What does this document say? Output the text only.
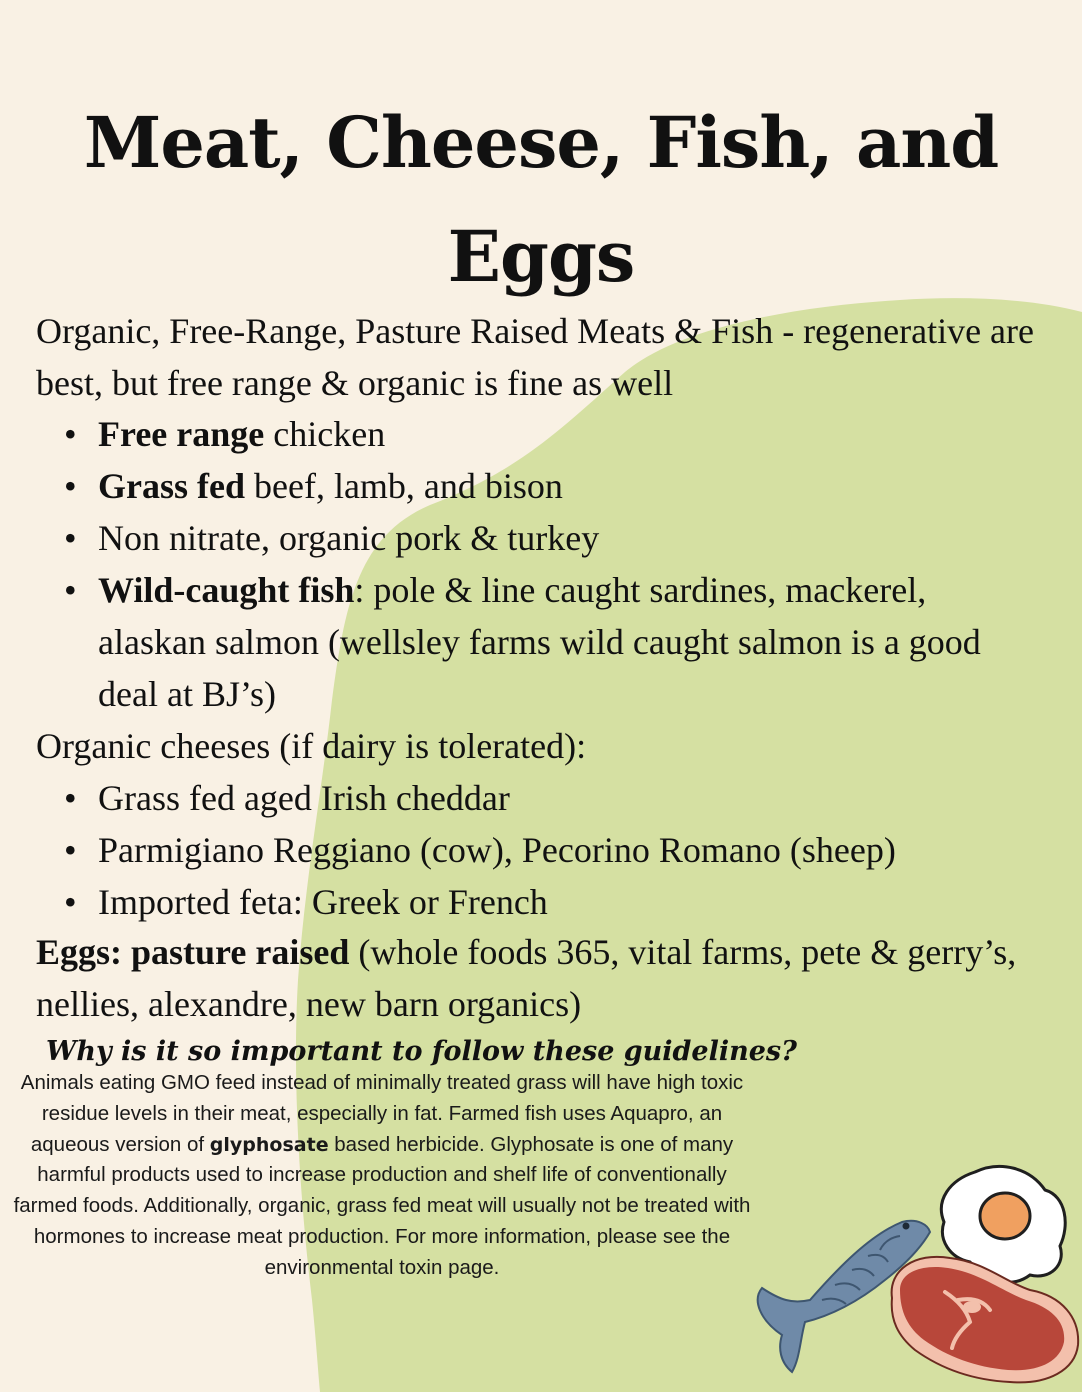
Meat, Cheese, Fish, and Eggs

Organic, Free-Range, Pasture Raised Meats & Fish - regenerative are best, but free range & organic is fine as well

• Free range chicken
• Grass fed beef, lamb, and bison
• Non nitrate, organic pork & turkey
• Wild-caught fish: pole & line caught sardines, mackerel, alaskan salmon (wellsley farms wild caught salmon is a good deal at BJ’s)

Organic cheeses (if dairy is tolerated):

• Grass fed aged Irish cheddar
• Parmigiano Reggiano (cow), Pecorino Romano (sheep)
• Imported feta: Greek or French

Eggs: pasture raised (whole foods 365, vital farms, pete & gerry’s, nellies, alexandre, new barn organics)

Why is it so important to follow these guidelines?

Animals eating GMO feed instead of minimally treated grass will have high toxic residue levels in their meat, especially in fat. Farmed fish uses Aquapro, an aqueous version of glyphosate based herbicide. Glyphosate is one of many harmful products used to increase production and shelf life of conventionally farmed foods. Additionally, organic, grass fed meat will usually not be treated with hormones to increase meat production. For more information, please see the environmental toxin page.
